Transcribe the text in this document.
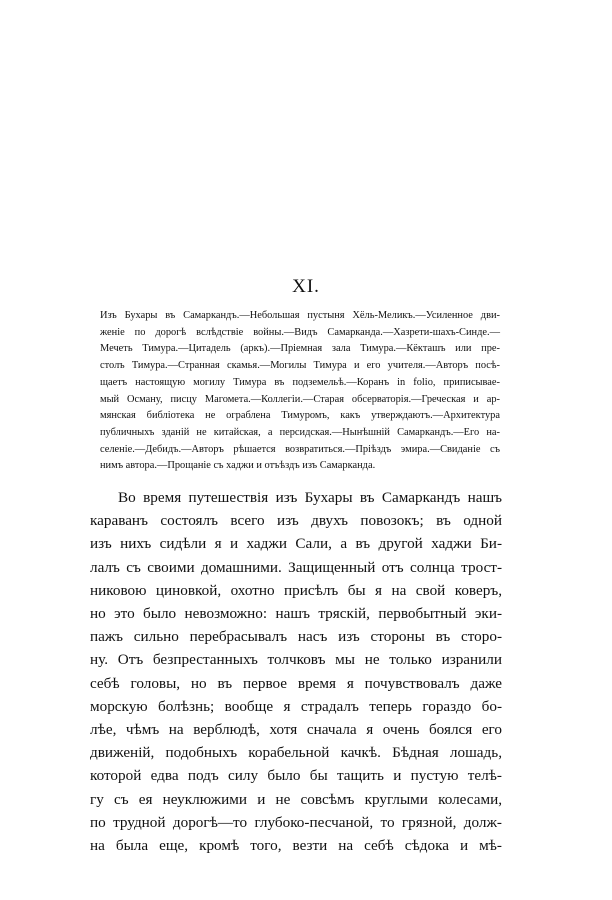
XI.
Изъ Бухары въ Самаркандъ.—Небольшая пустыня Хёль-Меликъ.—Усиленное дви-
женіе по дорогѣ вслѣдствіе войны.—Видъ Самарканда.—Хазрети-шахъ-Синде.—
Мечеть Тимура.—Цитадель (аркъ).—Пріемная зала Тимура.—Кёкташъ или пре-
столъ Тимура.—Странная скамья.—Могилы Тимура и его учителя.—Авторъ посѣ-
щаетъ настоящую могилу Тимура въ подземельѣ.—Коранъ in folio, приписывае-
мый Осману, писцу Магомета.—Коллегіи.—Старая обсерваторія.—Греческая и ар-
мянская библіотека не ограблена Тимуромъ, какъ утверждаютъ.—Архитектура
публичныхъ зданій не китайская, а персидская.—Нынѣшній Самаркандъ.—Его на-
селеніе.—Дебидъ.—Авторъ рѣшается возвратиться.—Пріѣздъ эмира.—Свиданіе съ
нимъ автора.—Прощаніе съ хаджи и отъѣздъ изъ Самарканда.
Во время путешествія изъ Бухары въ Самаркандъ нашъ
караванъ состоялъ всего изъ двухъ повозокъ; въ одной
изъ нихъ сидѣли я и хаджи Сали, а въ другой хаджи Би-
лалъ съ своими домашними. Защищенный отъ солнца трост-
никовою циновкой, охотно присѣлъ бы я на свой коверъ,
но это было невозможно: нашъ тряскій, первобытный эки-
пажъ сильно перебрасывалъ насъ изъ стороны въ сторо-
ну. Отъ безпрестанныхъ толчковъ мы не только изранили
себѣ головы, но въ первое время я почувствовалъ даже
морскую болѣзнь; вообще я страдалъ теперь гораздо бо-
лѣе, чѣмъ на верблюдѣ, хотя сначала я очень боялся его
движеній, подобныхъ корабельной качкѣ. Бѣдная лошадь,
которой едва подъ силу было бы тащить и пустую телѣ-
гу съ ея неуклюжими и не совсѣмъ круглыми колесами,
по трудной дорогѣ—то глубоко-песчаной, то грязной, долж-
на была еще, кромѣ того, везти на себѣ сѣдока и мѣ-
